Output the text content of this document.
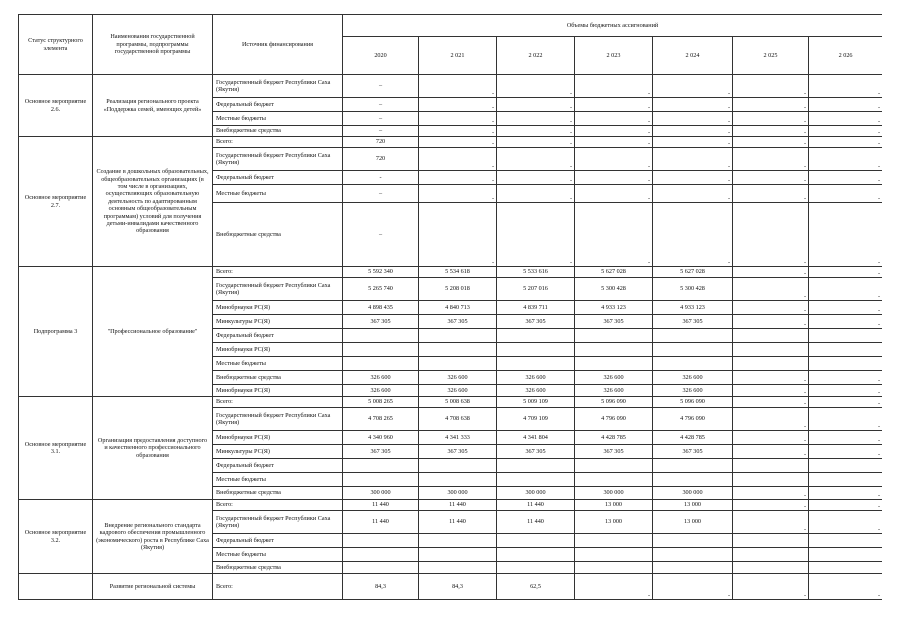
Статус структурного элемента	Наименования государственной программы, подпрограммы государственной программы	Источник финансирования	Объемы бюджетных ассигнований						
			2020	2 021	2 022	2 023	2 024	2 025	2 026
Основное мероприятие 2.6.	Реализация регионального проекта «Поддержка семей, имеющих детей»	Государственный бюджет Республики Саха (Якутия)	–	-	-	-	-	-	-
		Федеральный бюджет	–	-	-	-	-	-	-
		Местные бюджеты	–	-	-	-	-	-	-
		Внебюджетные средства	–	-	-	-	-	-	-
Основное мероприятие 2.7.	Создание в дошкольных образовательных, общеобразовательных организациях (в том числе в организациях, осуществляющих образовательную деятельность по адаптированным основным общеобразовательным программам) условий для получения детьми-инвалидами качественного образования	Всего:	720	-	-	-	-	-	-
		Государственный бюджет Республики Саха (Якутия)	720	-	-	-	-	-	-
		Федеральный бюджет	-	-	-	-	-	-	-
		Местные бюджеты	–	-	-	-	-	-	-
		Внебюджетные средства	–	-	-	-	-	-	-
Подпрограмма 3	"Профессиональное образование"	Всего:	5 592 340	5 534 618	5 533 616	5 627 028	5 627 028	-	-
		Государственный бюджет Республики Саха (Якутия)	5 265 740	5 208 018	5 207 016	5 300 428	5 300 428	-	-
		Минобрнауки РС(Я)	4 898 435	4 840 713	4 839 711	4 933 123	4 933 123	-	-
		Минкультуры РС(Я)	367 305	367 305	367 305	367 305	367 305	-	-
		Федеральный бюджет							
		Минобрнауки РС(Я)							
		Местные бюджеты							
		Внебюджетные средства	326 600	326 600	326 600	326 600	326 600	-	-
		Минобрнауки РС(Я)	326 600	326 600	326 600	326 600	326 600	-	-
Основное мероприятие 3.1.	Организация предоставления доступного и качественного профессионального образования	Всего:	5 008 265	5 008 638	5 009 109	5 096 090	5 096 090	-	-
		Государственный бюджет Республики Саха (Якутия)	4 708 265	4 708 638	4 709 109	4 796 090	4 796 090	-	-
		Минобрнауки РС(Я)	4 340 960	4 341 333	4 341 804	4 428 785	4 428 785	-	-
		Минкультуры РС(Я)	367 305	367 305	367 305	367 305	367 305	-	-
		Федеральный бюджет							
		Местные бюджеты							
		Внебюджетные средства	300 000	300 000	300 000	300 000	300 000	-	-
Основное мероприятие 3.2.	Внедрение регионального стандарта кадрового обеспечения промышленного (экономического) роста в Республике Саха (Якутия)	Всего:	11 440	11 440	11 440	13 000	13 000	-	-
		Государственный бюджет Республики Саха (Якутия)	11 440	11 440	11 440	13 000	13 000	-	-
		Федеральный бюджет							
		Местные бюджеты							
		Внебюджетные средства							
	Развитие региональной системы	Всего:	84,3	84,3	62,5	-	-	-	-
